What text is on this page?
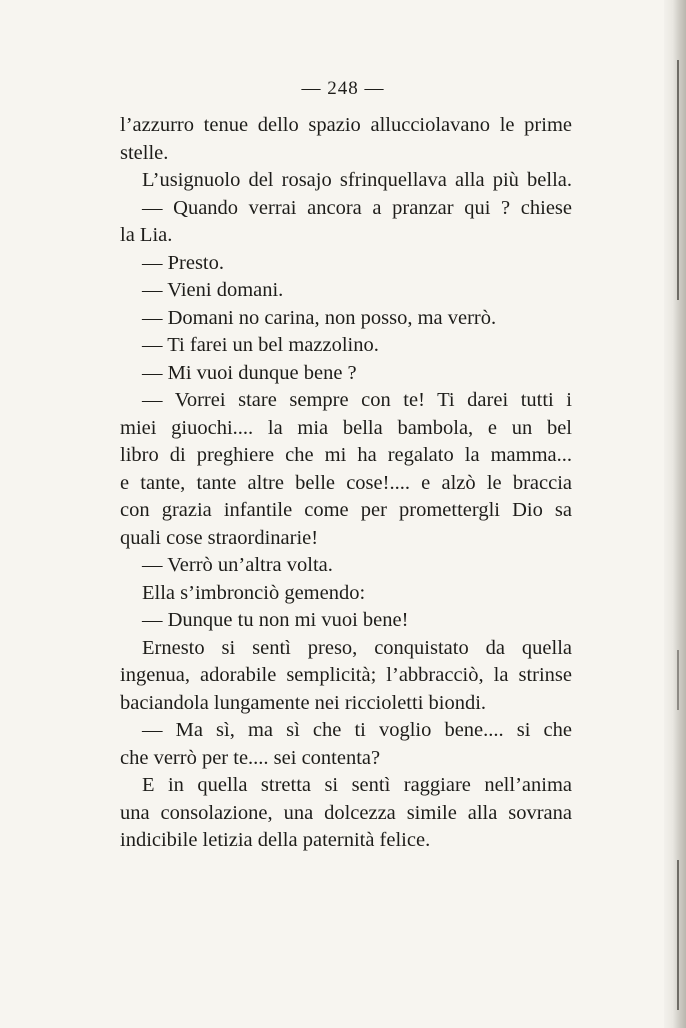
— 248 —
l’azzurro tenue dello spazio allucciolavano le prime
stelle.
L’usignuolo del rosajo sfrinquellava alla più bella.
— Quando verrai ancora a pranzar qui ? chiese
la Lia.
— Presto.
— Vieni domani.
— Domani no carina, non posso, ma verrò.
— Ti farei un bel mazzolino.
— Mi vuoi dunque bene ?
— Vorrei stare sempre con te! Ti darei tutti i
miei giuochi.... la mia bella bambola, e un bel
libro di preghiere che mi ha regalato la mamma...
e tante, tante altre belle cose!.... e alzò le braccia
con grazia infantile come per promettergli Dio sa
quali cose straordinarie!
— Verrò un’altra volta.
Ella s’imbronciò gemendo:
— Dunque tu non mi vuoi bene!
Ernesto si sentì preso, conquistato da quella
ingenua, adorabile semplicità; l’abbracciò, la strinse
baciandola lungamente nei riccioletti biondi.
— Ma sì, ma sì che ti voglio bene.... si che
che verrò per te.... sei contenta?
E in quella stretta si sentì raggiare nell’anima
una consolazione, una dolcezza simile alla sovrana
indicibile letizia della paternità felice.
